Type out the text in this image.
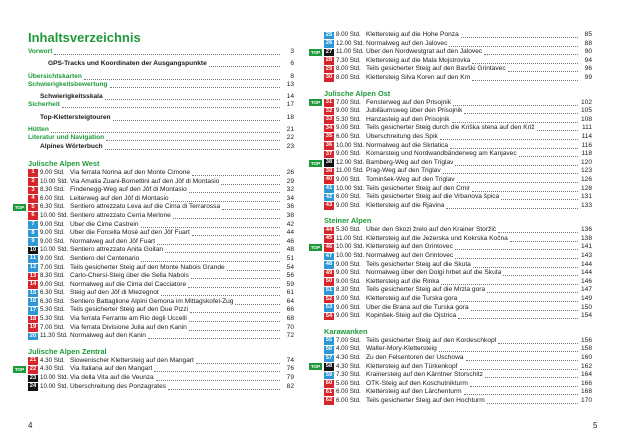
Inhaltsverzeichnis
Vorwort	3
GPS-Tracks und Koordinaten der Ausgangspunkte	6
Übersichtskarten	8
Schwierigkeitsbewertung	13
Schwierigkeitsskala	14
Sicherheit	17
Top-Klettersteigtouren	18
Hütten	21
Literatur und Navigation	22
Alpines Wörterbuch	23
Julische Alpen West
1 9.00 Std. Via ferrata Norina auf den Monte Cimone	26
2 10.00 Std. Via Amalia Zuani-Bornettini auf den Jôf di Montasio	29
3 8.30 Std. Findenegg-Weg auf den Jôf di Montasio	32
4 6.00 Std. Leiterweg auf den Jôf di Montasio	34
TOP	5 6.30 Std. Sentiero attrezzato Leva auf die Cima di Terrarossa	36
6 10.00 Std. Sentiero attrezzato Cerria Merlone	38
7 9.00 Std. Über die Cime Castrein	42
8 9.00 Std. Über die Forcella Mosè auf den Jôf Fuart	44
9 9.00 Std. Normalweg auf den Jôf Fuart	46
10 10.00 Std. Sentiero attrezzato Anita Goitan	48
11 9.00 Std. Sentiero del Centenario	51
12 7.00 Std. Teils gesicherter Steig auf den Monte Nabois Grande	54
13 8.30 Std. Carlo-Chersi-Steig über die Sella Nabois	56
14 9.00 Std. Normalweg auf die Cima del Cacciatore	59
15 6.30 Std. Steig auf den Jôf di Miezegnot	61
16 6.30 Std. Sentiero Battaglione Alpini Gemona im Mittagskofel-Zug	64
17 5.30 Std. Teils gesicherter Steig auf den Due Pizzi	66
18 5.30 Std. Via ferrata Ferrante am Rio degli Uccelli	68
19 7.00 Std. Via ferrata Divisione Julia auf den Kanin	70
20 11.30 Std. Normalweg auf den Kanin	72
Julische Alpen Zentral
21 4.30 Std. Slowenischer Klettersteig auf den Mangart	74
TOP 22 4.30 Std. Via Italiana auf den Mangart	76
23 10.00 Std. Via della Vita auf die Veunza	79
24 10.00 Std. Überschreitung des Ponzagrates	82
4
25 8.00 Std. Klettersteig auf die Hohe Ponza	85
26 12.00 Std. Normalweg auf den Jalovec	88
TOP 27 11.00 Std. Über den Nordwestgrat auf den Jalovec	90
28 7.30 Std. Klettersteig auf die Mala Mojstrovka	94
29 8.00 Std. Teils gesicherter Steig auf den Bavški Grintavec	96
30 8.00 Std. Klettersteig Silva Koren auf den Krn	99
Julische Alpen Ost
TOP 31 7.00 Std. Fensterweg auf den Prisojnik	102
32 9.00 Std. Jubiläumsweg über den Prisojnik	105
33 5.30 Std. Hanzasteig auf den Prisojnik	108
34 9.00 Std. Teils gesicherter Steig durch die Kriška stena auf den Križ	111
35 6.00 Std. Überschreitung des Špik	114
36 10.00 Std. Normalweg auf die Škrlatica	116
37 9.00 Std. Komarsteig und Nordwandbänderweg am Kanjavec	118
TOP 38 12.00 Std. Bamberg-Weg auf den Triglav	120
39 11.00 Std. Prag-Weg auf den Triglav	123
40 9.00 Std. Tominšek-Weg auf den Triglav	126
41 10.00 Std. Teils gesicherter Steig auf den Cmir	128
42 6.00 Std. Teils gesicherter Steig auf die Vrbanova špica	131
43 9.00 Std. Klettersteig auf die Rjavina	133
Steiner Alpen
44 5.30 Std. Über den Skozi žrelo auf den Krainer Storžič	136
45 11.00 Std. Klettersteig auf die Jezerska und Kokrska Kočna	138
TOP 46 10.00 Std. Klettersteig auf den Grintovec	141
47 10.00 Std. Normalweg auf den Grintovec	143
48 9.00 Std. Teils gesicherter Steig auf die Skuta	144
49 9.00 Std. Normalweg über den Dolgi hrbet auf die Skuta	144
50 9.00 Std. Klettersteig auf die Rinka	146
51 8.30 Std. Teils gesicherter Steig auf die Mrzla gora	147
52 9.00 Std. Klettersteig auf die Turska gora	149
53 9.00 Std. Über die Brana auf die Turska gora	150
54 9.00 Std. Kopinšek-Steig auf die Ojstrica	154
Karawanken
55 7.00 Std. Teils gesicherter Steig auf den Kordeschkopf	156
56 4.00 Std. Walter-Mory-Klettersteig	158
57 4.30 Std. Zu den Felsentoren der Uschowa	160
TOP 58 4.30 Std. Klettersteig auf den Türkenkopf	162
59 7.30 Std. Krainersteig auf den Kärntner Storschitz	164
60 5.00 Std. ÖTK-Steig auf den Koschutnikturm	166
61 6.00 Std. Klettersteig auf den Lärchenturm	168
62 6.00 Std. Teils gesicherter Steig auf den Hochturm	170
5
